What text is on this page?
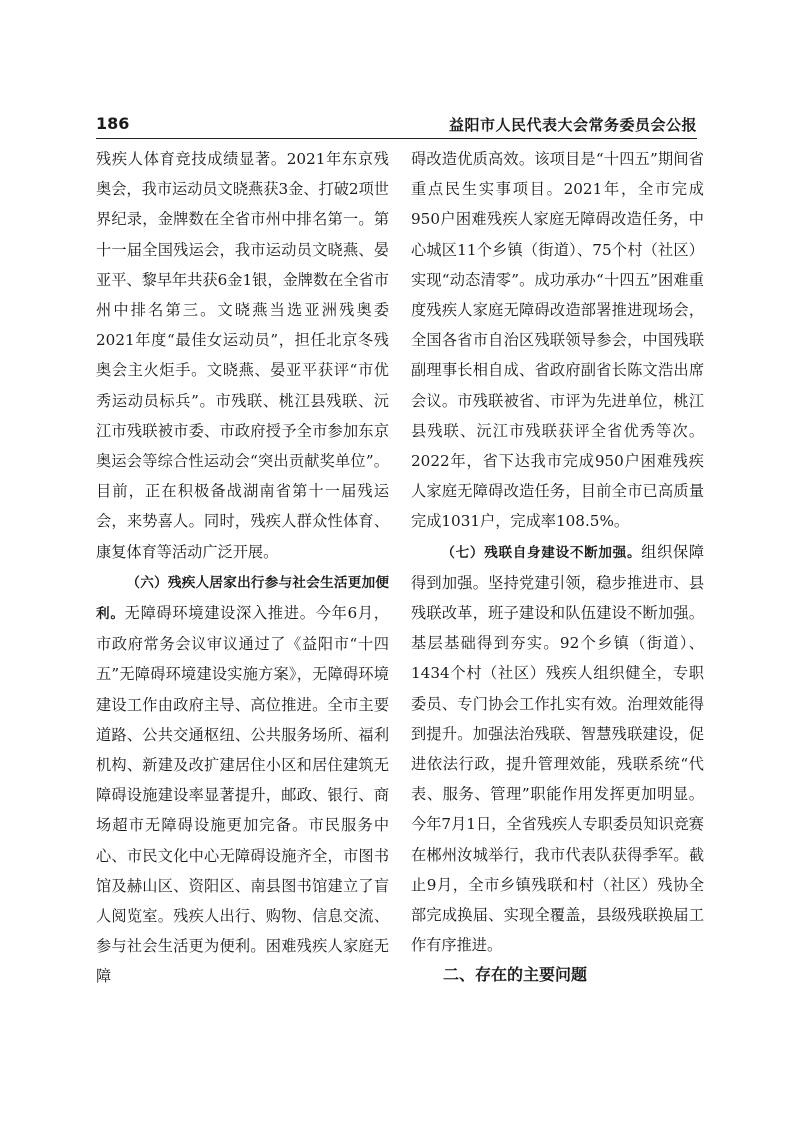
186	益阳市人民代表大会常务委员会公报

残疾人体育竞技成绩显著。2021年东京残奥会，我市运动员文晓燕获3金、打破2项世界纪录，金牌数在全省市州中排名第一。第十一届全国残运会，我市运动员文晓燕、晏亚平、黎早年共获6金1银，金牌数在全省市州中排名第三。文晓燕当选亚洲残奥委2021年度“最佳女运动员”，担任北京冬残奥会主火炬手。文晓燕、晏亚平获评“市优秀运动员标兵”。市残联、桃江县残联、沅江市残联被市委、市政府授予全市参加东京奥运会等综合性运动会“突出贡献奖单位”。目前，正在积极备战湖南省第十一届残运会，来势喜人。同时，残疾人群众性体育、康复体育等活动广泛开展。

（六）残疾人居家出行参与社会生活更加便利。无障碍环境建设深入推进。今年6月，市政府常务会议审议通过了《益阳市“十四五”无障碍环境建设实施方案》，无障碍环境建设工作由政府主导、高位推进。全市主要道路、公共交通枢纽、公共服务场所、福利机构、新建及改扩建居住小区和居住建筑无障碍设施建设率显著提升，邮政、银行、商场超市无障碍设施更加完备。市民服务中心、市民文化中心无障碍设施齐全，市图书馆及赫山区、资阳区、南县图书馆建立了盲人阅览室。残疾人出行、购物、信息交流、参与社会生活更为便利。困难残疾人家庭无障

碍改造优质高效。该项目是“十四五”期间省重点民生实事项目。2021年，全市完成950户困难残疾人家庭无障碍改造任务，中心城区11个乡镇（街道）、75个村（社区）实现“动态清零”。成功承办“十四五”困难重度残疾人家庭无障碍改造部署推进现场会，全国各省市自治区残联领导参会，中国残联副理事长相自成、省政府副省长陈文浩出席会议。市残联被省、市评为先进单位，桃江县残联、沅江市残联获评全省优秀等次。2022年，省下达我市完成950户困难残疾人家庭无障碍改造任务，目前全市已高质量完成1031户，完成率108.5%。

（七）残联自身建设不断加强。组织保障得到加强。坚持党建引领，稳步推进市、县残联改革，班子建设和队伍建设不断加强。基层基础得到夯实。92个乡镇（街道）、1434个村（社区）残疾人组织健全，专职委员、专门协会工作扎实有效。治理效能得到提升。加强法治残联、智慧残联建设，促进依法行政，提升管理效能，残联系统“代表、服务、管理”职能作用发挥更加明显。今年7月1日，全省残疾人专职委员知识竞赛在郴州汝城举行，我市代表队获得季军。截止9月，全市乡镇残联和村（社区）残协全部完成换届、实现全覆盖，县级残联换届工作有序推进。

二、存在的主要问题
